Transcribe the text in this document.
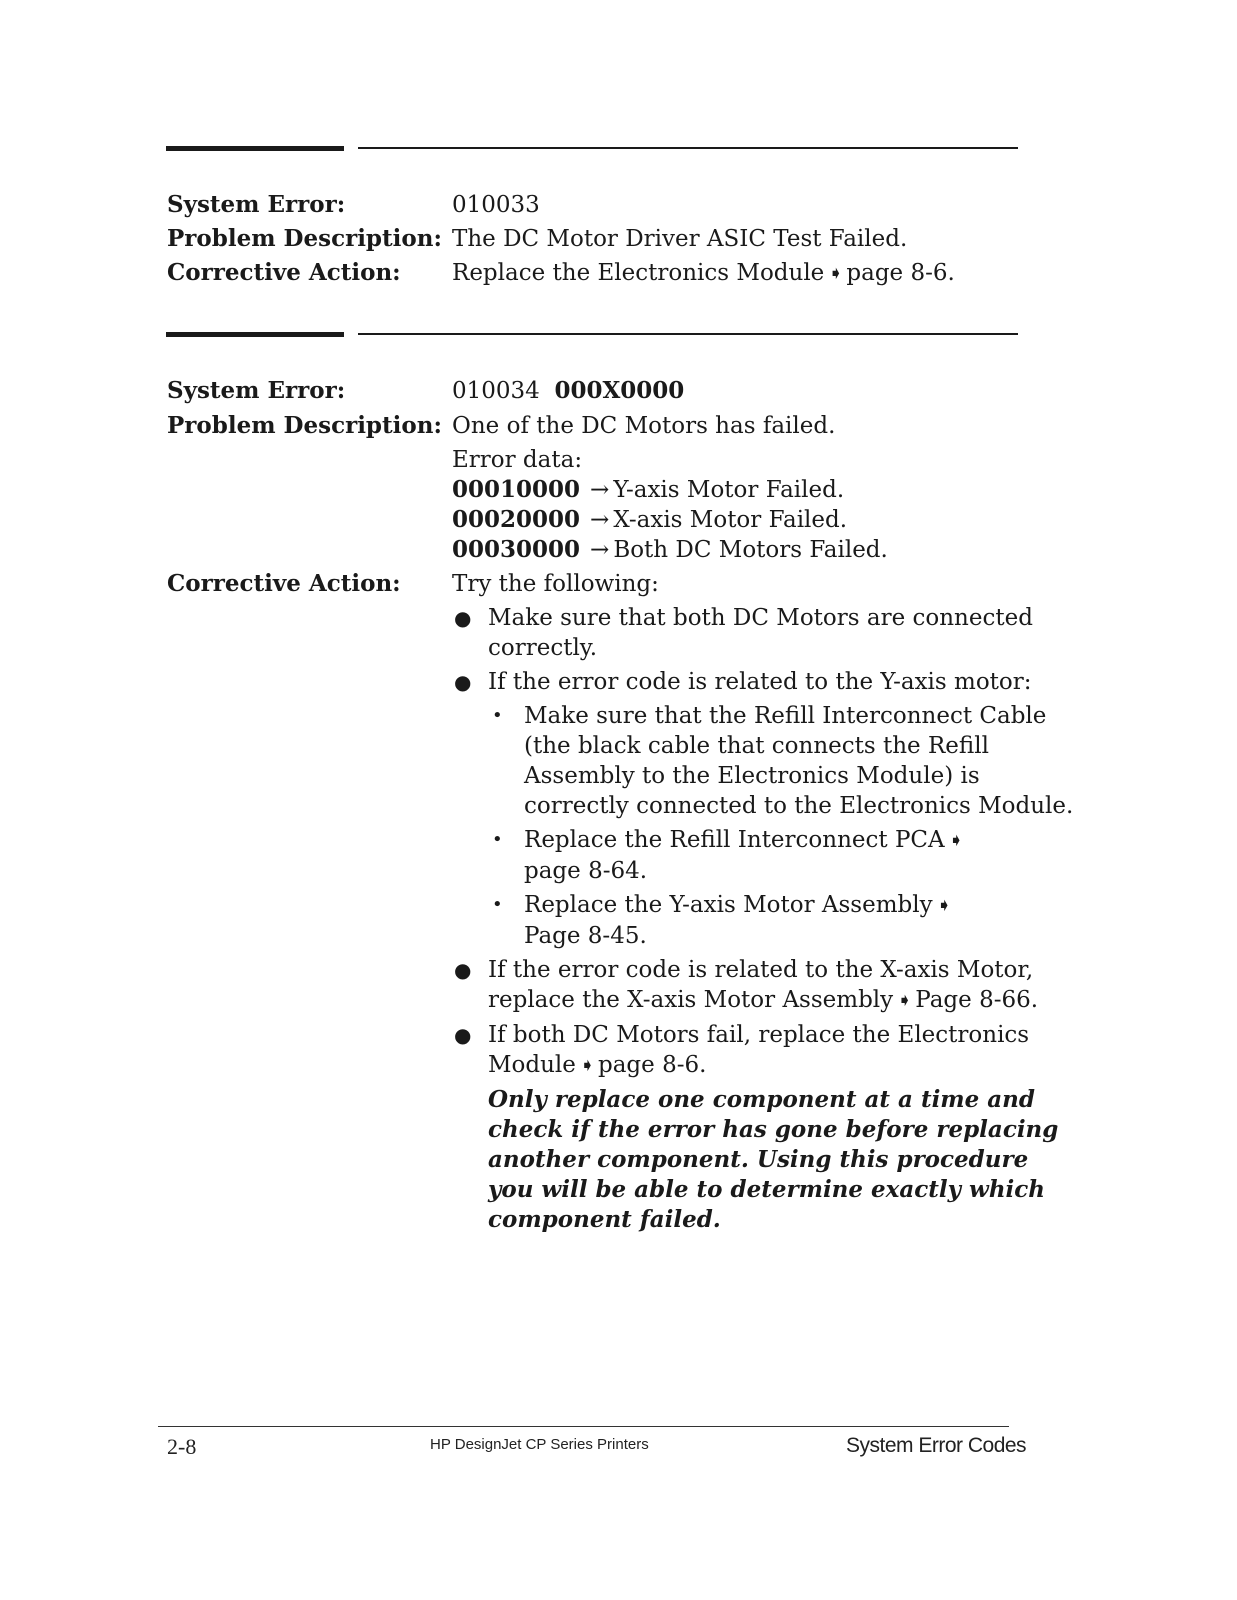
System Error:	010033
Problem Description: The DC Motor Driver ASIC Test Failed.
Corrective Action:	Replace the Electronics Module ➧ page 8-6.
System Error:	010034 000X0000
Problem Description: One of the DC Motors has failed.
Error data:
00010000 → Y-axis Motor Failed.
00020000 → X-axis Motor Failed.
00030000 → Both DC Motors Failed.
Corrective Action:	Try the following:
● Make sure that both DC Motors are connected
correctly.
● If the error code is related to the Y-axis motor:
• Make sure that the Refill Interconnect Cable
(the black cable that connects the Refill
Assembly to the Electronics Module) is
correctly connected to the Electronics Module.
• Replace the Refill Interconnect PCA ➧
page 8-64.
• Replace the Y-axis Motor Assembly ➧
Page 8-45.
● If the error code is related to the X-axis Motor,
replace the X-axis Motor Assembly ➧ Page 8-66.
● If both DC Motors fail, replace the Electronics
Module ➧ page 8-6.
Only replace one component at a time and
check if the error has gone before replacing
another component. Using this procedure
you will be able to determine exactly which
component failed.
2-8	HP DesignJet CP Series Printers	System Error Codes
